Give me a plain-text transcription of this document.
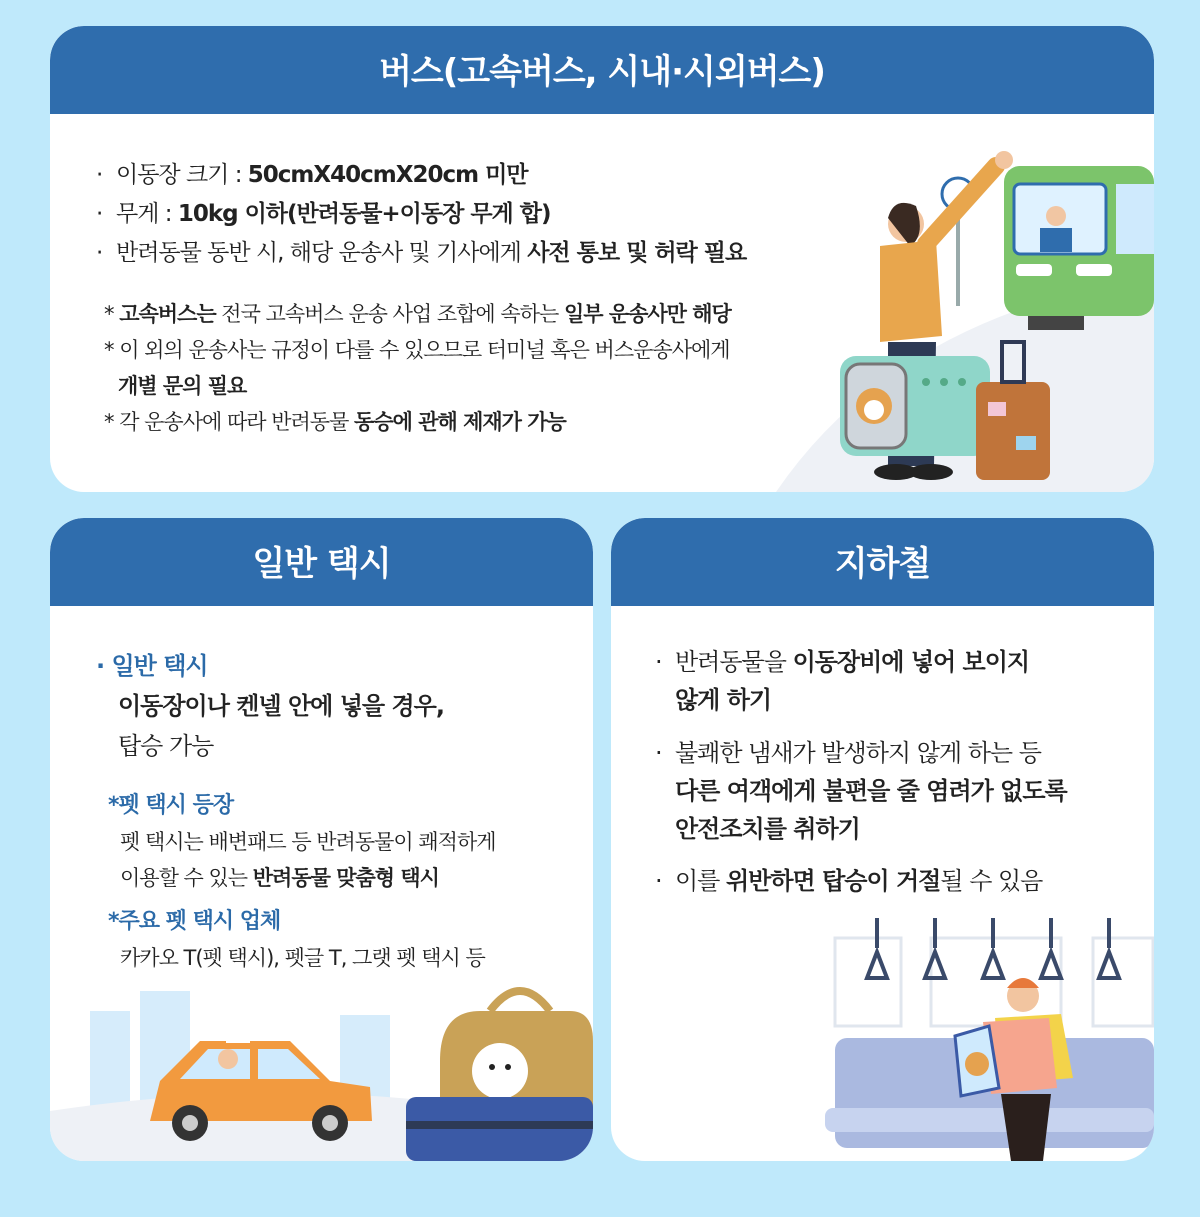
버스(고속버스, 시내·시외버스)
· 이동장 크기 : 50cmX40cmX20cm 미만
· 무게 : 10kg 이하(반려동물+이동장 무게 합)
· 반려동물 동반 시, 해당 운송사 및 기사에게 사전 통보 및 허락 필요
* 고속버스는 전국 고속버스 운송 사업 조합에 속하는 일부 운송사만 해당
* 이 외의 운송사는 규정이 다를 수 있으므로 터미널 혹은 버스운송사에게
개별 문의 필요
* 각 운송사에 따라 반려동물 동승에 관해 제재가 가능
일반 택시
· 일반 택시
이동장이나 켄넬 안에 넣을 경우,
탑승 가능
*펫 택시 등장
펫 택시는 배변패드 등 반려동물이 쾌적하게
이용할 수 있는 반려동물 맞춤형 택시
*주요 펫 택시 업체
카카오 T(펫 택시), 펫글 T, 그랫 펫 택시 등
지하철
· 반려동물을 이동장비에 넣어 보이지
않게 하기
· 불쾌한 냄새가 발생하지 않게 하는 등
다른 여객에게 불편을 줄 염려가 없도록
안전조치를 취하기
· 이를 위반하면 탑승이 거절될 수 있음
